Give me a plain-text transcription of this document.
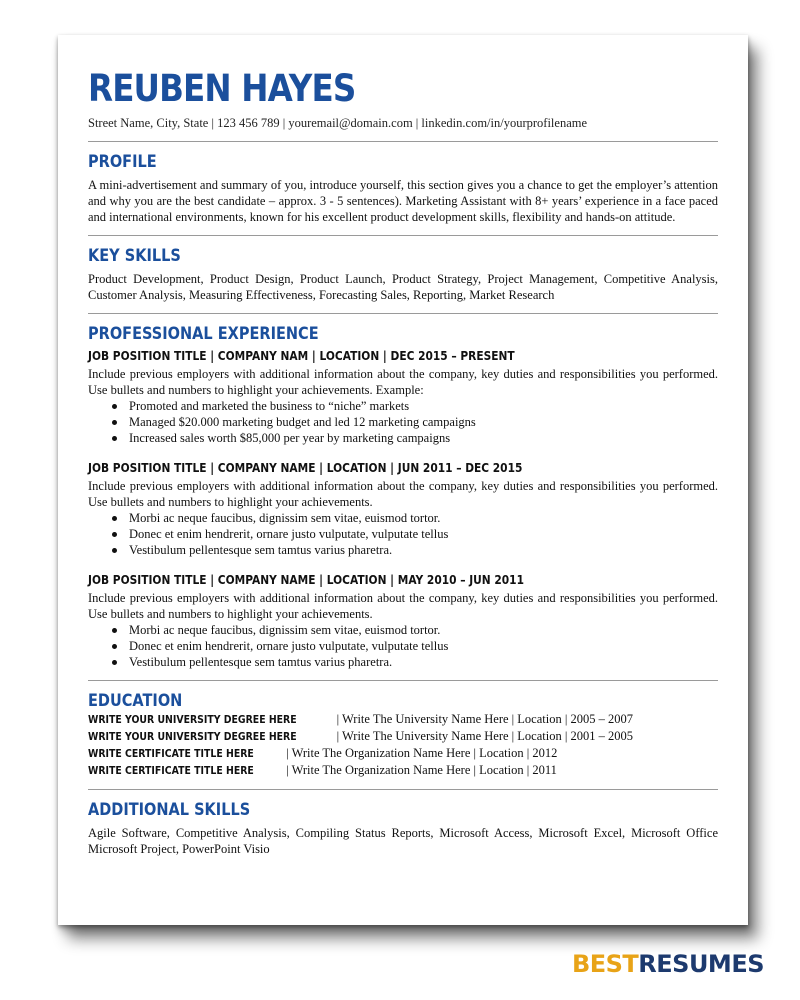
REUBEN HAYES
Street Name, City, State | 123 456 789 | youremail@domain.com | linkedin.com/in/yourprofilename
PROFILE

A mini-advertisement and summary of you, introduce yourself, this section gives you a chance to get the employer’s attention and why you are the best candidate – approx. 3 - 5 sentences). Marketing Assistant with 8+ years’ experience in a face paced and international environments, known for his excellent product development skills, flexibility and hands-on attitude.

KEY SKILLS

Product Development, Product Design, Product Launch, Product Strategy, Project Management, Competitive Analysis, Customer Analysis, Measuring Effectiveness, Forecasting Sales, Reporting, Market Research

PROFESSIONAL EXPERIENCE
JOB POSITION TITLE | COMPANY NAM | LOCATION | DEC 2015 – PRESENT

Include previous employers with additional information about the company, key duties and responsibilities you performed. Use bullets and numbers to highlight your achievements. Example:

Promoted and marketed the business to “niche” markets
Managed $20.000 marketing budget and led 12 marketing campaigns
Increased sales worth $85,000 per year by marketing campaigns
JOB POSITION TITLE | COMPANY NAME | LOCATION | JUN 2011 – DEC 2015

Include previous employers with additional information about the company, key duties and responsibilities you performed. Use bullets and numbers to highlight your achievements.

Morbi ac neque faucibus, dignissim sem vitae, euismod tortor.
Donec et enim hendrerit, ornare justo vulputate, vulputate tellus
Vestibulum pellentesque sem tamtus varius pharetra.
JOB POSITION TITLE | COMPANY NAME | LOCATION | MAY 2010 – JUN 2011

Include previous employers with additional information about the company, key duties and responsibilities you performed. Use bullets and numbers to highlight your achievements.

Morbi ac neque faucibus, dignissim sem vitae, euismod tortor.
Donec et enim hendrerit, ornare justo vulputate, vulputate tellus
Vestibulum pellentesque sem tamtus varius pharetra.
EDUCATION
WRITE YOUR UNIVERSITY DEGREE HERE	| Write The University Name Here | Location | 2005 – 2007
WRITE YOUR UNIVERSITY DEGREE HERE	| Write The University Name Here | Location | 2001 – 2005
WRITE CERTIFICATE TITLE HERE	| Write The Organization Name Here | Location | 2012
WRITE CERTIFICATE TITLE HERE	| Write The Organization Name Here | Location | 2011
ADDITIONAL SKILLS

Agile Software, Competitive Analysis, Compiling Status Reports, Microsoft Access, Microsoft Excel, Microsoft Office Microsoft Project, PowerPoint Visio

BESTRESUMES
